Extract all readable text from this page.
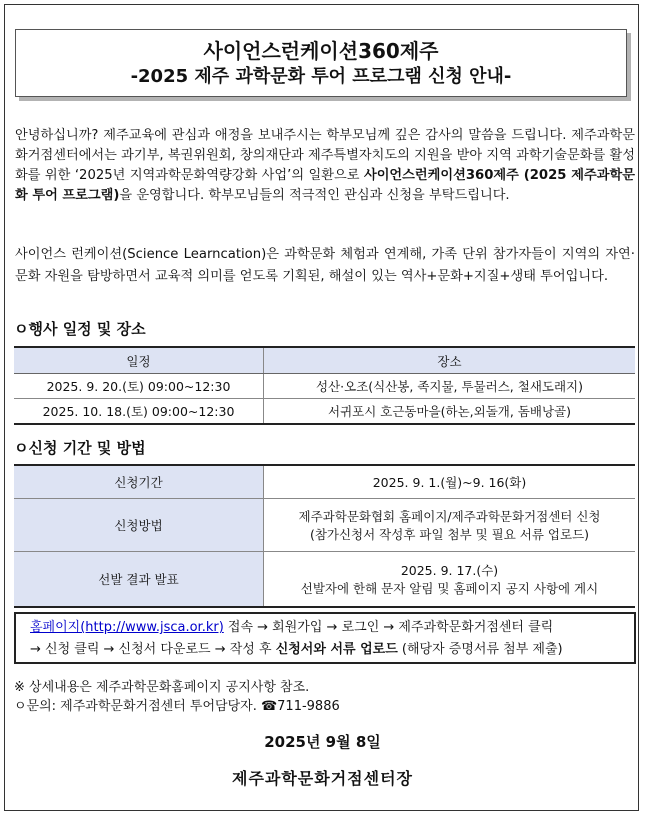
사이언스런케이션360제주
-2025 제주 과학문화 투어 프로그램 신청 안내-
안녕하십니까? 제주교육에 관심과 애정을 보내주시는 학부모님께 깊은 감사의 말씀을 드립니다. 제주과학문화거점센터에서는 과기부, 복권위원회, 창의재단과 제주특별자치도의 지원을 받아 지역 과학기술문화를 활성화를 위한 ‘2025년 지역과학문화역량강화 사업’의 일환으로 사이언스런케이션360제주 (2025 제주과학문화 투어 프로그램)을 운영합니다. 학부모님들의 적극적인 관심과 신청을 부탁드립니다.
사이언스 런케이션(Science Learncation)은 과학문화 체험과 연계해, 가족 단위 참가자들이 지역의 자연·문화 자원을 탐방하면서 교육적 의미를 얻도록 기획된, 해설이 있는 역사+문화+지질+생태 투어입니다.
ㅇ행사 일정 및 장소
일정	장소
2025. 9. 20.(토) 09:00~12:30	성산·오조(식산봉, 족지물, 투물러스, 철새도래지)
2025. 10. 18.(토) 09:00~12:30	서귀포시 호근동마을(하논,외돌개, 돔배낭골)
ㅇ신청 기간 및 방법
신청기간	2025. 9. 1.(월)~9. 16(화)
신청방법	제주과학문화협회 홈페이지/제주과학문화거점센터 신청
(참가신청서 작성후 파일 첨부 및 필요 서류 업로드)

선발 결과 발표	2025. 9. 17.(수)
선발자에 한해 문자 알림 및 홈페이지 공지 사항에 게시
홈페이지(http://www.jsca.or.kr) 접속 → 회원가입 → 로그인 → 제주과학문화거점센터 클릭
→ 신청 클릭 → 신청서 다운로드 → 작성 후 신청서와 서류 업로드 (해당자 증명서류 첨부 제출)
※ 상세내용은 제주과학문화홈페이지 공지사항 참조.
ㅇ문의: 제주과학문화거점센터 투어담당자. ☎711-9886
2025년 9월 8일
제주과학문화거점센터장
